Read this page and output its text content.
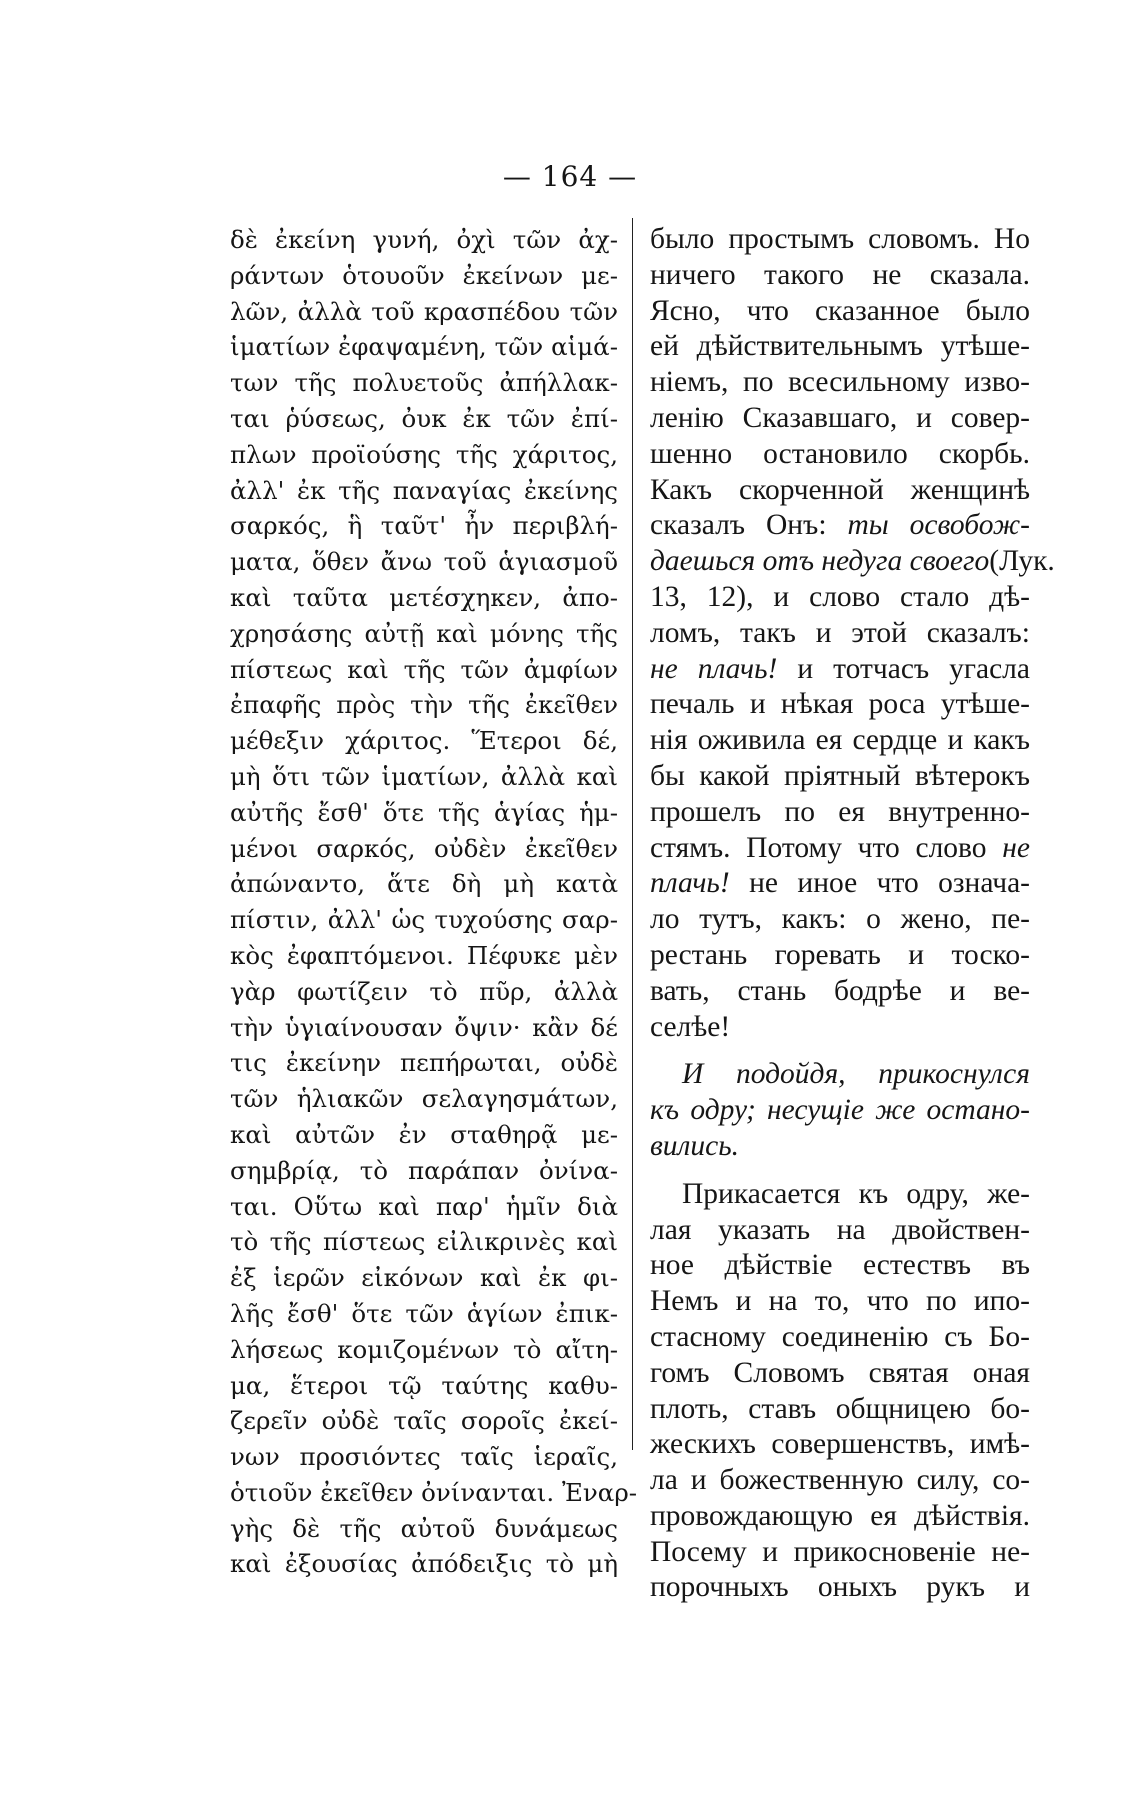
— 164 —
δὲ ἐκείνη γυνή, ὀχὶ τῶν ἀχ-
ράντων ὁτουοῦν ἐκείνων με-
λῶν, ἀλλὰ τοῦ κρασπέδου τῶν
ἱματίων ἐφαψαμένη, τῶν αἱμά-
των τῆς πολυετοῦς ἀπήλλακ-
ται ῥύσεως, ὀυκ ἐκ τῶν ἐπί-
πλων προϊούσης τῆς χάριτος,
ἀλλ' ἐκ τῆς παναγίας ἐκείνης
σαρκός, ἣ ταῦτ' ἦν περιβλή-
ματα, ὅθεν ἄνω τοῦ ἁγιασμοῦ
καὶ ταῦτα μετέσχηκεν, ἀπο-
χρησάσης αὐτῇ καὶ μόνης τῆς
πίστεως καὶ τῆς τῶν ἀμφίων
ἐπαφῆς πρὸς τὴν τῆς ἐκεῖθεν
μέθεξιν χάριτος. Ἕτεροι δέ,
μὴ ὅτι τῶν ἱματίων, ἀλλὰ καὶ
αὐτῆς ἔσθ' ὅτε τῆς ἁγίας ἡμ-
μένοι σαρκός, οὐδὲν ἐκεῖθεν
ἀπώναντο, ἅτε δὴ μὴ κατὰ
πίστιν, ἀλλ' ὡς τυχούσης σαρ-
κὸς ἐφαπτόμενοι. Πέφυκε μὲν
γὰρ φωτίζειν τὸ πῦρ, ἀλλὰ
τὴν ὑγιαίνουσαν ὄψιν· κἂν δέ
τις ἐκείνην πεπήρωται, οὐδὲ
τῶν ἡλιακῶν σελαγησμάτων,
καὶ αὐτῶν ἐν σταθηρᾷ με-
σημβρίᾳ, τὸ παράπαν ὀνίνα-
ται. Οὕτω καὶ παρ' ἡμῖν διὰ
τὸ τῆς πίστεως εἰλικρινὲς καὶ
ἐξ ἱερῶν εἰκόνων καὶ ἐκ φι-
λῆς ἔσθ' ὅτε τῶν ἁγίων ἐπικ-
λήσεως κομιζομένων τὸ αἴτη-
μα, ἕτεροι τῷ ταύτης καθυ-
ζερεῖν οὐδὲ ταῖς σοροῖς ἐκεί-
νων προσιόντες ταῖς ἱεραῖς,
ὁτιοῦν ἐκεῖθεν ὀνίνανται. Ἐναρ-
γὴς δὲ τῆς αὐτοῦ δυνάμεως
καὶ ἐξουσίας ἀπόδειξις τὸ μὴ
было простымъ словомъ. Но
ничего такого не сказала.
Ясно, что сказанное было
ей дѣйствительнымъ утѣше-
ніемъ, по всесильному изво-
ленію Сказавшаго, и совер-
шенно остановило скорбь.
Какъ скорченной женщинѣ
сказалъ Онъ: ты освобож-
даешься отъ недуга своего(Лук.
13, 12), и слово стало дѣ-
ломъ, такъ и этой сказалъ:
не плачь! и тотчасъ угасла
печаль и нѣкая роса утѣше-
нія оживила ея сердце и какъ
бы какой пріятный вѣтерокъ
прошелъ по ея внутренно-
стямъ. Потому что слово не
плачь! не иное что означа-
ло тутъ, какъ: о жено, пе-
рестань горевать и тоско-
вать, стань бодрѣе и ве-
селѣе!
И подойдя, прикоснулся
къ одру; несущіе же остано-
вились.
Прикасается къ одру, же-
лая указать на двойствен-
ное дѣйствіе естествъ въ
Немъ и на то, что по ипо-
стасному соединенію съ Бо-
гомъ Словомъ святая оная
плоть, ставъ общницею бо-
жескихъ совершенствъ, имѣ-
ла и божественную силу, со-
провождающую ея дѣйствія.
Посему и прикосновеніе не-
порочныхъ оныхъ рукъ и
